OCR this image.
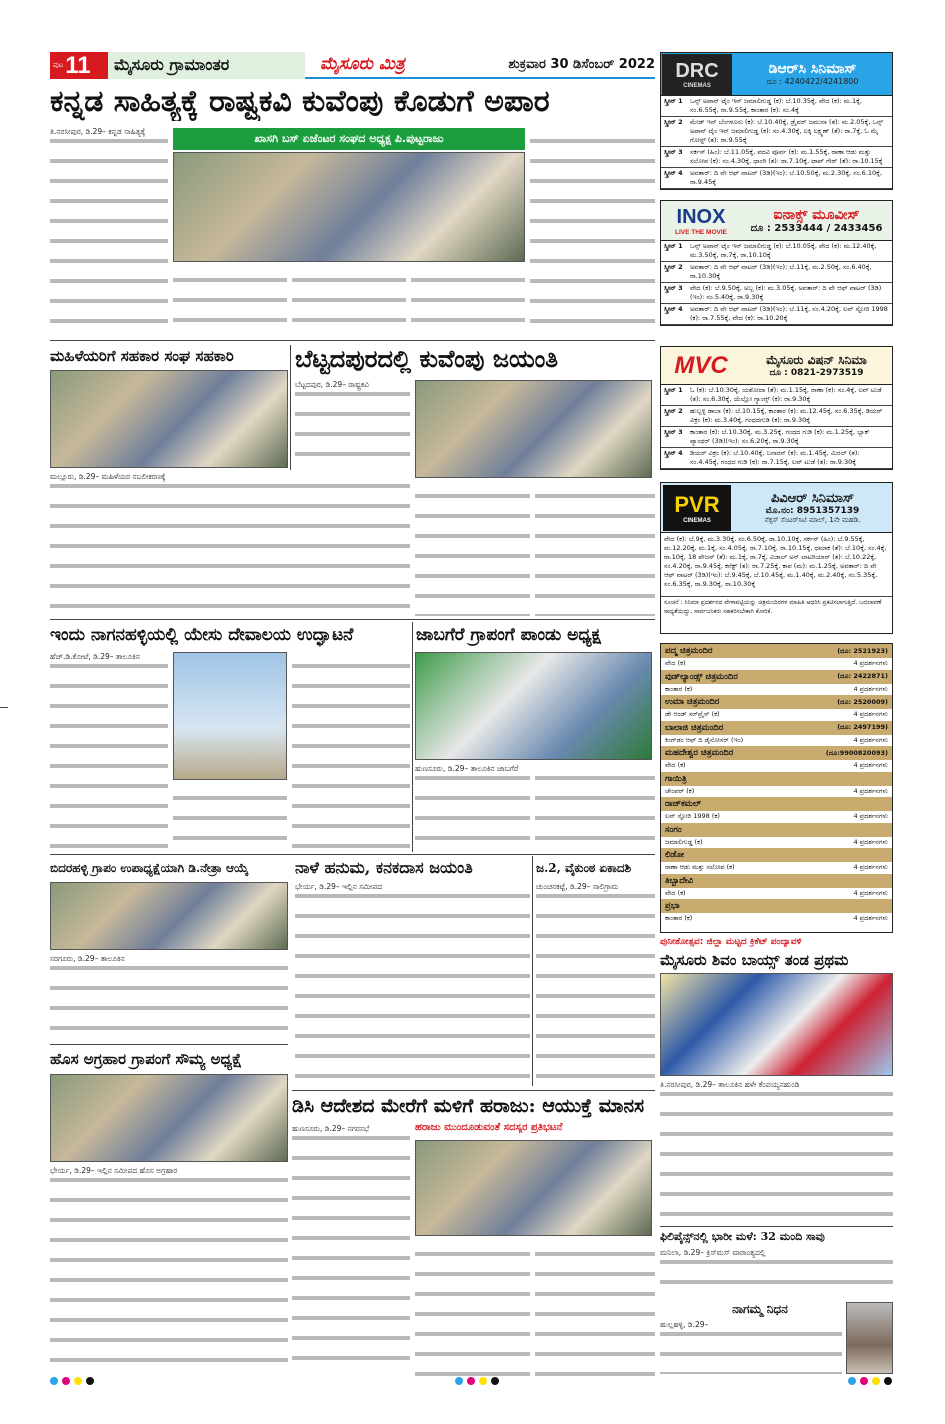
ಪುಟ 11	ಮೈಸೂರು ಗ್ರಾಮಾಂತರ	ಮೈಸೂರು ಮಿತ್ರ	ಶುಕ್ರವಾರ 30 ಡಿಸೆಂಬರ್ 2022
ಕನ್ನಡ ಸಾಹಿತ್ಯಕ್ಕೆ ರಾಷ್ಟ್ರಕವಿ ಕುವೆಂಪು ಕೊಡುಗೆ ಅಪಾರ
ತಿ.ನರಸೀಪುರ, ಡಿ.29– ಕನ್ನಡ ಸಾಹಿತ್ಯಕ್ಕೆ
ಖಾಸಗಿ ಬಸ್ ಏಜೆಂಟರ ಸಂಘದ ಅಧ್ಯಕ್ಷ ಪಿ.ಪುಟ್ಟರಾಜು
ಮಹಿಳೆಯರಿಗೆ ಸಹಕಾರ ಸಂಘ ಸಹಕಾರಿ
ಮಲ್ಲೂರು, ಡಿ.29– ಮಹಿಳೆಯರ ಸಬಲೀಕರಣಕ್ಕೆ
ಬೆಟ್ಟದಪುರದಲ್ಲಿ ಕುವೆಂಪು ಜಯಂತಿ
ಬೆಟ್ಟದಪುರ, ಡಿ.29– ರಾಷ್ಟ್ರಕವಿ
ಇಂದು ನಾಗನಹಳ್ಳಿಯಲ್ಲಿ ಯೇಸು ದೇವಾಲಯ ಉದ್ಘಾಟನೆ
ಹೆಚ್.ಡಿ.ಕೋಟೆ, ಡಿ.29– ತಾಲೂಕಿನ
ಜಾಬಗೆರೆ ಗ್ರಾಪಂಗೆ ಪಾಂಡು ಅಧ್ಯಕ್ಷ
ಹುಣಸೂರು, ಡಿ.29– ತಾಲೂಕಿನ ಜಾಬಗೆರೆ
ಬಿದರಹಳ್ಳಿ ಗ್ರಾಪಂ ಉಪಾಧ್ಯಕ್ಷೆಯಾಗಿ ಡಿ.ನೇತ್ರಾ ಆಯ್ಕೆ
ಸರಗೂರು, ಡಿ.29– ತಾಲೂಕಿನ
ನಾಳೆ ಹನುಮ, ಕನಕದಾಸ ಜಯಂತಿ
ಭೇರ್ಯ, ಡಿ.29– ಇಲ್ಲಿನ ಸಮೀಪದ
ಜ.2, ವೈಕುಂಠ ಏಕಾದಶಿ
ಚುಂಚನಕಟ್ಟೆ, ಡಿ.29– ಸಾಲಿಗ್ರಾಮ
ಹೊಸ ಅಗ್ರಹಾರ ಗ್ರಾಪಂಗೆ ಸೌಮ್ಯ ಅಧ್ಯಕ್ಷೆ
ಭೇರ್ಯ, ಡಿ.29– ಇಲ್ಲಿನ ಸಮೀಪದ ಹೊಸ ಅಗ್ರಹಾರ
ಡಿಸಿ ಆದೇಶದ ಮೇರೆಗೆ ಮಳಿಗೆ ಹರಾಜು: ಆಯುಕ್ತೆ ಮಾನಸ
ಹುಣಸೂರು, ಡಿ.29– ನಗರಸಭೆ	ಹರಾಜು ಮುಂದೂಡುವಂತೆ ಸದಸ್ಯರ ಪ್ರತಿಭಟನೆ
DRC
CINEMAS
ಡಿಆರ್‌ಸಿ ಸಿನಿಮಾಸ್
ದೂ : 4240422/4241800
ಸ್ಕ್ರೀನ್ 1	ಒನ್ಸ್ ಅಪಾನ್ ಟೈಂ ಇನ್ ಜಮಾಲಿಗುಡ್ಡ (ಕ): ಬೆ.10.35ಕ್ಕೆ, ವೇದ (ಕ): ಮ.1ಕ್ಕೆ, ಸಂ.6.55ಕ್ಕೆ, ರಾ.9.55ಕ್ಕೆ, ಕಾಂತಾರ (ಕ): ಸಂ.4ಕ್ಕೆ
ಸ್ಕ್ರೀನ್ 2	ಮೇಡ್ ಇನ್ ಬೆಂಗಳೂರು (ಕ): ಬೆ.10.40ಕ್ಕೆ, ಡ್ರೈವರ್ ಜಮುನಾ (ತ): ಮ.2.05ಕ್ಕೆ, ಒನ್ಸ್ ಅಪಾನ್ ಟೈಂ ಇನ್ ಜಮಾಲಿಗುಡ್ಡ (ಕ): ಸಂ.4.30ಕ್ಕೆ, ಲಕ್ಕಿ ಲಕ್ಷ್ಮಣ್ (ತೆ): ರಾ.7ಕ್ಕೆ, ಓ ಮೈ ಗೋಸ್ಟ್ (ತ): ರಾ.9.55ಕ್ಕೆ
ಸ್ಕ್ರೀನ್ 3	ಸರ್ಕಸ್ (ಹಿಂ): ಬೆ.11.05ಕ್ಕೆ, ಪದವಿ ಪೂರ್ವ (ಕ): ಮ.1.55ಕ್ಕೆ, ರಾಣಾ ಆಡು ಮತ್ತು ಸಲೋಪ (ಕ): ಸಂ.4.30ಕ್ಕೆ, ಧಾಂಗಿ (ತ): ರಾ.7.10ಕ್ಕೆ, ಟಾಪ್ ಗೇರ್ (ತೆ): ರಾ.10.15ಕ್ಕೆ
ಸ್ಕ್ರೀನ್ 4	ಅವತಾರ್: ದಿ ವೇ ಆಫ್ ವಾಟರ್ (3ಡಿ)(ಇಂ): ಬೆ.10.50ಕ್ಕೆ, ಮ.2.30ಕ್ಕೆ, ಸಂ.6.10ಕ್ಕೆ, ರಾ.9.45ಕ್ಕೆ
INOX
LIVE THE MOVIE
ಐನಾಕ್ಸ್ ಮೂವೀಸ್
ದೂ : 2533444 / 2433456
ಸ್ಕ್ರೀನ್ 1	ಒನ್ಸ್ ಅಪಾನ್ ಟೈಂ ಇನ್ ಜಮಾಲಿಗುಡ್ಡ (ಕ): ಬೆ.10.05ಕ್ಕೆ, ವೇದ (ಕ): ಮ.12.40ಕ್ಕೆ, ಮ.3.50ಕ್ಕೆ, ರಾ.7ಕ್ಕೆ, ರಾ.10.10ಕ್ಕೆ
ಸ್ಕ್ರೀನ್ 2	ಅವತಾರ್: ದಿ ವೇ ಆಫ್ ವಾಟರ್ (3ಡಿ)(ಇಂ): ಬೆ.11ಕ್ಕೆ, ಮ.2.50ಕ್ಕೆ, ಸಂ.6.40ಕ್ಕೆ, ರಾ.10.30ಕ್ಕೆ
ಸ್ಕ್ರೀನ್ 3	ವೇದ (ಕ): ಬೆ.9.50ಕ್ಕೆ, ಅಬ್ಬ (ಕ): ಮ.3.05ಕ್ಕೆ, ಅವತಾರ್: ದಿ ವೇ ಆಫ್ ವಾಟರ್ (3ಡಿ)(ಇಂ): ಸಂ.5.40ಕ್ಕೆ, ರಾ.9.30ಕ್ಕೆ
ಸ್ಕ್ರೀನ್ 4	ಅವತಾರ್: ದಿ ವೇ ಆಫ್ ವಾಟರ್ (3ಡಿ)(ಇಂ): ಬೆ.11ಕ್ಕೆ, ಸಂ.4.20ಕ್ಕೆ, ಲವ್ ಸ್ಟೋರಿ 1998 (ಕ): ರಾ.7.55ಕ್ಕೆ, ವೇದ (ಕ): ರಾ.10.20ಕ್ಕೆ
MVC	ಮೈಸೂರು ವಿಷನ್ ಸಿನಿಮಾ
ದೂ : 0821-2973519
ಸ್ಕ್ರೀನ್ 1	ಓ (ಕ): ಬೆ.10.30ಕ್ಕೆ, ಯಶೋದಾ (ತೆ): ಮ.1.15ಕ್ಕೆ, ರಾಣಾ (ಕ): ಸಂ.4ಕ್ಕೆ, ಲವ್ ಟುಡೆ (ತ): ಸಂ.6.30ಕ್ಕೆ, ಯೆಲ್ಲೋ ಗ್ಯಾಂಗ್ಸ್ (ಕ): ರಾ.9.30ಕ್ಕೆ
ಸ್ಕ್ರೀನ್ 2	ಹುಬ್ಬಳ್ಳಿ ಡಾಬಾ (ಕ): ಬೆ.10.15ಕ್ಕೆ, ಕಾಂತಾರ (ಕ): ಮ.12.45ಕ್ಕೆ, ಸಂ.6.35ಕ್ಕೆ, ಡಿಯರ್ ವಿಕ್ರಂ (ಕ): ಮ.3.40ಕ್ಕೆ, ಗಂಧದಗುಡಿ (ಕ): ರಾ.9.30ಕ್ಕೆ
ಸ್ಕ್ರೀನ್ 3	ಕಾಂತಾರ (ಕ): ಬೆ.10.30ಕ್ಕೆ, ಮ.3.25ಕ್ಕೆ, ಗಂಧದ ಗುಡಿ (ಕ): ಮ.1.25ಕ್ಕೆ, ಬ್ಲಾಕ್ ಪ್ಯಾಂಥರ್ (3ಡಿ)(ಇಂ): ಸಂ.6.20ಕ್ಕೆ, ರಾ.9.30ಕ್ಕೆ
ಸ್ಕ್ರೀನ್ 4	ಡಿಯರ್ ವಿಕ್ರಂ (ಕ): ಬೆ.10.40ಕ್ಕೆ, ಬನಾರಸ್ (ಕ): ಮ.1.45ಕ್ಕೆ, ಮಿರಲ್ (ತ): ಸಂ.4.45ಕ್ಕೆ, ಗಂಧದ ಗುಡಿ (ಕ): ರಾ.7.15ಕ್ಕೆ, ಲವ್ ಟುಡೆ (ತ): ರಾ.9.30ಕ್ಕೆ
PVR
CINEMAS
ಪಿವಿಆರ್ ಸಿನಿಮಾಸ್
ಮೊ.ನಂ: 8951357139
ನೆಕ್ಸಸ್ ಸೆಂಟರ್‌ಸಿಟಿ ಮಾಲ್, 1ನೇ ಮಹಡಿ.
ವೇದ (ಕ): ಬೆ.9ಕ್ಕೆ, ಮ.3.30ಕ್ಕೆ, ಸಂ.6.50ಕ್ಕೆ, ರಾ.10.10ಕ್ಕೆ, ಸರ್ಕಸ್ (ಹಿಂ): ಬೆ.9.55ಕ್ಕೆ, ಮ.12.20ಕ್ಕೆ, ಮ.1ಕ್ಕೆ, ಸಂ.4.05ಕ್ಕೆ, ರಾ.7.10ಕ್ಕೆ, ರಾ.10.15ಕ್ಕೆ, ಧಮಾಕ (ತೆ): ಬೆ.10ಕ್ಕೆ, ಸಂ.4ಕ್ಕೆ, ರಾ.10ಕ್ಕೆ, 18 ಪೇಜಸ್ (ತೆ): ಮ.1ಕ್ಕೆ, ರಾ.7ಕ್ಕೆ, ವಿಜಾಲ್ ಅನ್ ಲಾಟರಿಯಾರ್ (ತ): ಬೆ.10.22ಕ್ಕೆ, ಸಂ.4.20ಕ್ಕೆ, ರಾ.9.45ಕ್ಕೆ, ಕನೆಕ್ಟ್ (ತ): ರಾ.7.25ಕ್ಕೆ, ಕಾಪ (ಮ): ಮ.1.25ಕ್ಕೆ, ಅವತಾರ್: ದಿ ವೇ ಆಫ್ ವಾಟರ್ (3ಡಿ)(ಇಂ): ಬೆ.9.45ಕ್ಕೆ, ಬೆ.10.45ಕ್ಕೆ, ಮ.1.40ಕ್ಕೆ, ಮ.2.40ಕ್ಕೆ, ಸಂ.5.35ಕ್ಕೆ, ಸಂ.6.35ಕ್ಕೆ, ರಾ.9.30ಕ್ಕೆ, ರಾ.10.30ಕ್ಕೆ
ಸೂಚನೆ : ಸಿನಿಮಾ ಪ್ರದರ್ಶನದ ವೇಳಾಪಟ್ಟಿಯನ್ನು ಚಿತ್ರಮಂದಿರಗಳ ಮಾಹಿತಿ ಆಧರಿಸಿ ಪ್ರಕಟಿಸಲಾಗುತ್ತಿದೆ. ಬದಲಾವಣೆ ಸಾಧ್ಯತೆಯಿದ್ದು, ಸಾರ್ವಜನಿಕರು ಸಹಕರಿಸಬೇಕಾಗಿ ಕೋರಿಕೆ.
ಪದ್ಮ ಚಿತ್ರಮಂದಿರ	(ದೂ: 2521923)
ವೇದ (ಕ)	4 ಪ್ರದರ್ಶನಗಳು
ವುಡ್‌ಲ್ಯಾಂಡ್ಸ್ ಚಿತ್ರಮಂದಿರ	(ದೂ: 2422871)
ಕಾಂತಾರ (ಕ)	4 ಪ್ರದರ್ಶನಗಳು
ಉಮಾ ಚಿತ್ರಮಂದಿರ	(ದೂ: 2520009)
ಡೇ ಆಂಡ್ ಸರ್‌ಪ್ರೈಸ್ (ಕ)	4 ಪ್ರದರ್ಶನಗಳು
ಬಾಲಾಜಿ ಚಿತ್ರಮಂದಿರ	(ದೂ: 2497199)
ಕಿಂಗ್‌ಡಂ ಆಫ್ ದಿ ಡೈನೋಸರ್ (ಇಂ)	4 ಪ್ರದರ್ಶನಗಳು
ಮಹದೇಶ್ವರ ಚಿತ್ರಮಂದಿರ	(ದೂ:9900820093)
ವೇದ (ಕ)	4 ಪ್ರದರ್ಶನಗಳು
ಗಾಯಿತ್ರಿ
ಚೇಂಪರ್ (ಕ)	4 ಪ್ರದರ್ಶನಗಳು
ರಾಜ್‌ಕಮಲ್
ಲವ್ ಸ್ಟೋರಿ 1998 (ಕ)	4 ಪ್ರದರ್ಶನಗಳು
ಸಂಗಂ
ಜಮಾಲಿಗುಡ್ಡ (ಕ)	4 ಪ್ರದರ್ಶನಗಳು
ಲಿಡೋ
ರಾಣಾ ಆಡು ಮತ್ತು ಸಲೋಪ (ಕ)	4 ಪ್ರದರ್ಶನಗಳು
ತಿಬ್ಬಾದೇವಿ
ವೇದ (ಕ)	4 ಪ್ರದರ್ಶನಗಳು
ಪ್ರಭಾ
ಕಾಂತಾರ (ಕ)	4 ಪ್ರದರ್ಶನಗಳು
ಪುನೀತೋತ್ಸವ: ಜಿಲ್ಲಾ ಮಟ್ಟದ ಕ್ರಿಕೆಟ್ ಪಂದ್ಯಾವಳಿ
ಮೈಸೂರು ಶಿವಂ ಬಾಯ್ಸ್ ತಂಡ ಪ್ರಥಮ
ತಿ.ನರಸೀಪುರ, ಡಿ.29– ತಾಲೂಕಿನ ಹಳೇ ಕೆಂಪಯ್ಯನಹುಂಡಿ
ಫಿಲಿಪೈನ್ಸ್‌ನಲ್ಲಿ ಭಾರೀ ಮಳೆ: 32 ಮಂದಿ ಸಾವು
ಮನಿಲಾ, ಡಿ.29– ಕ್ರಿಸ್‌ಮಸ್ ವಾರಾಂತ್ಯದಲ್ಲಿ
ನಾಗಮ್ಮ ನಿಧನ
ಹುಲ್ಲಹಳ್ಳಿ, ಡಿ.29–
